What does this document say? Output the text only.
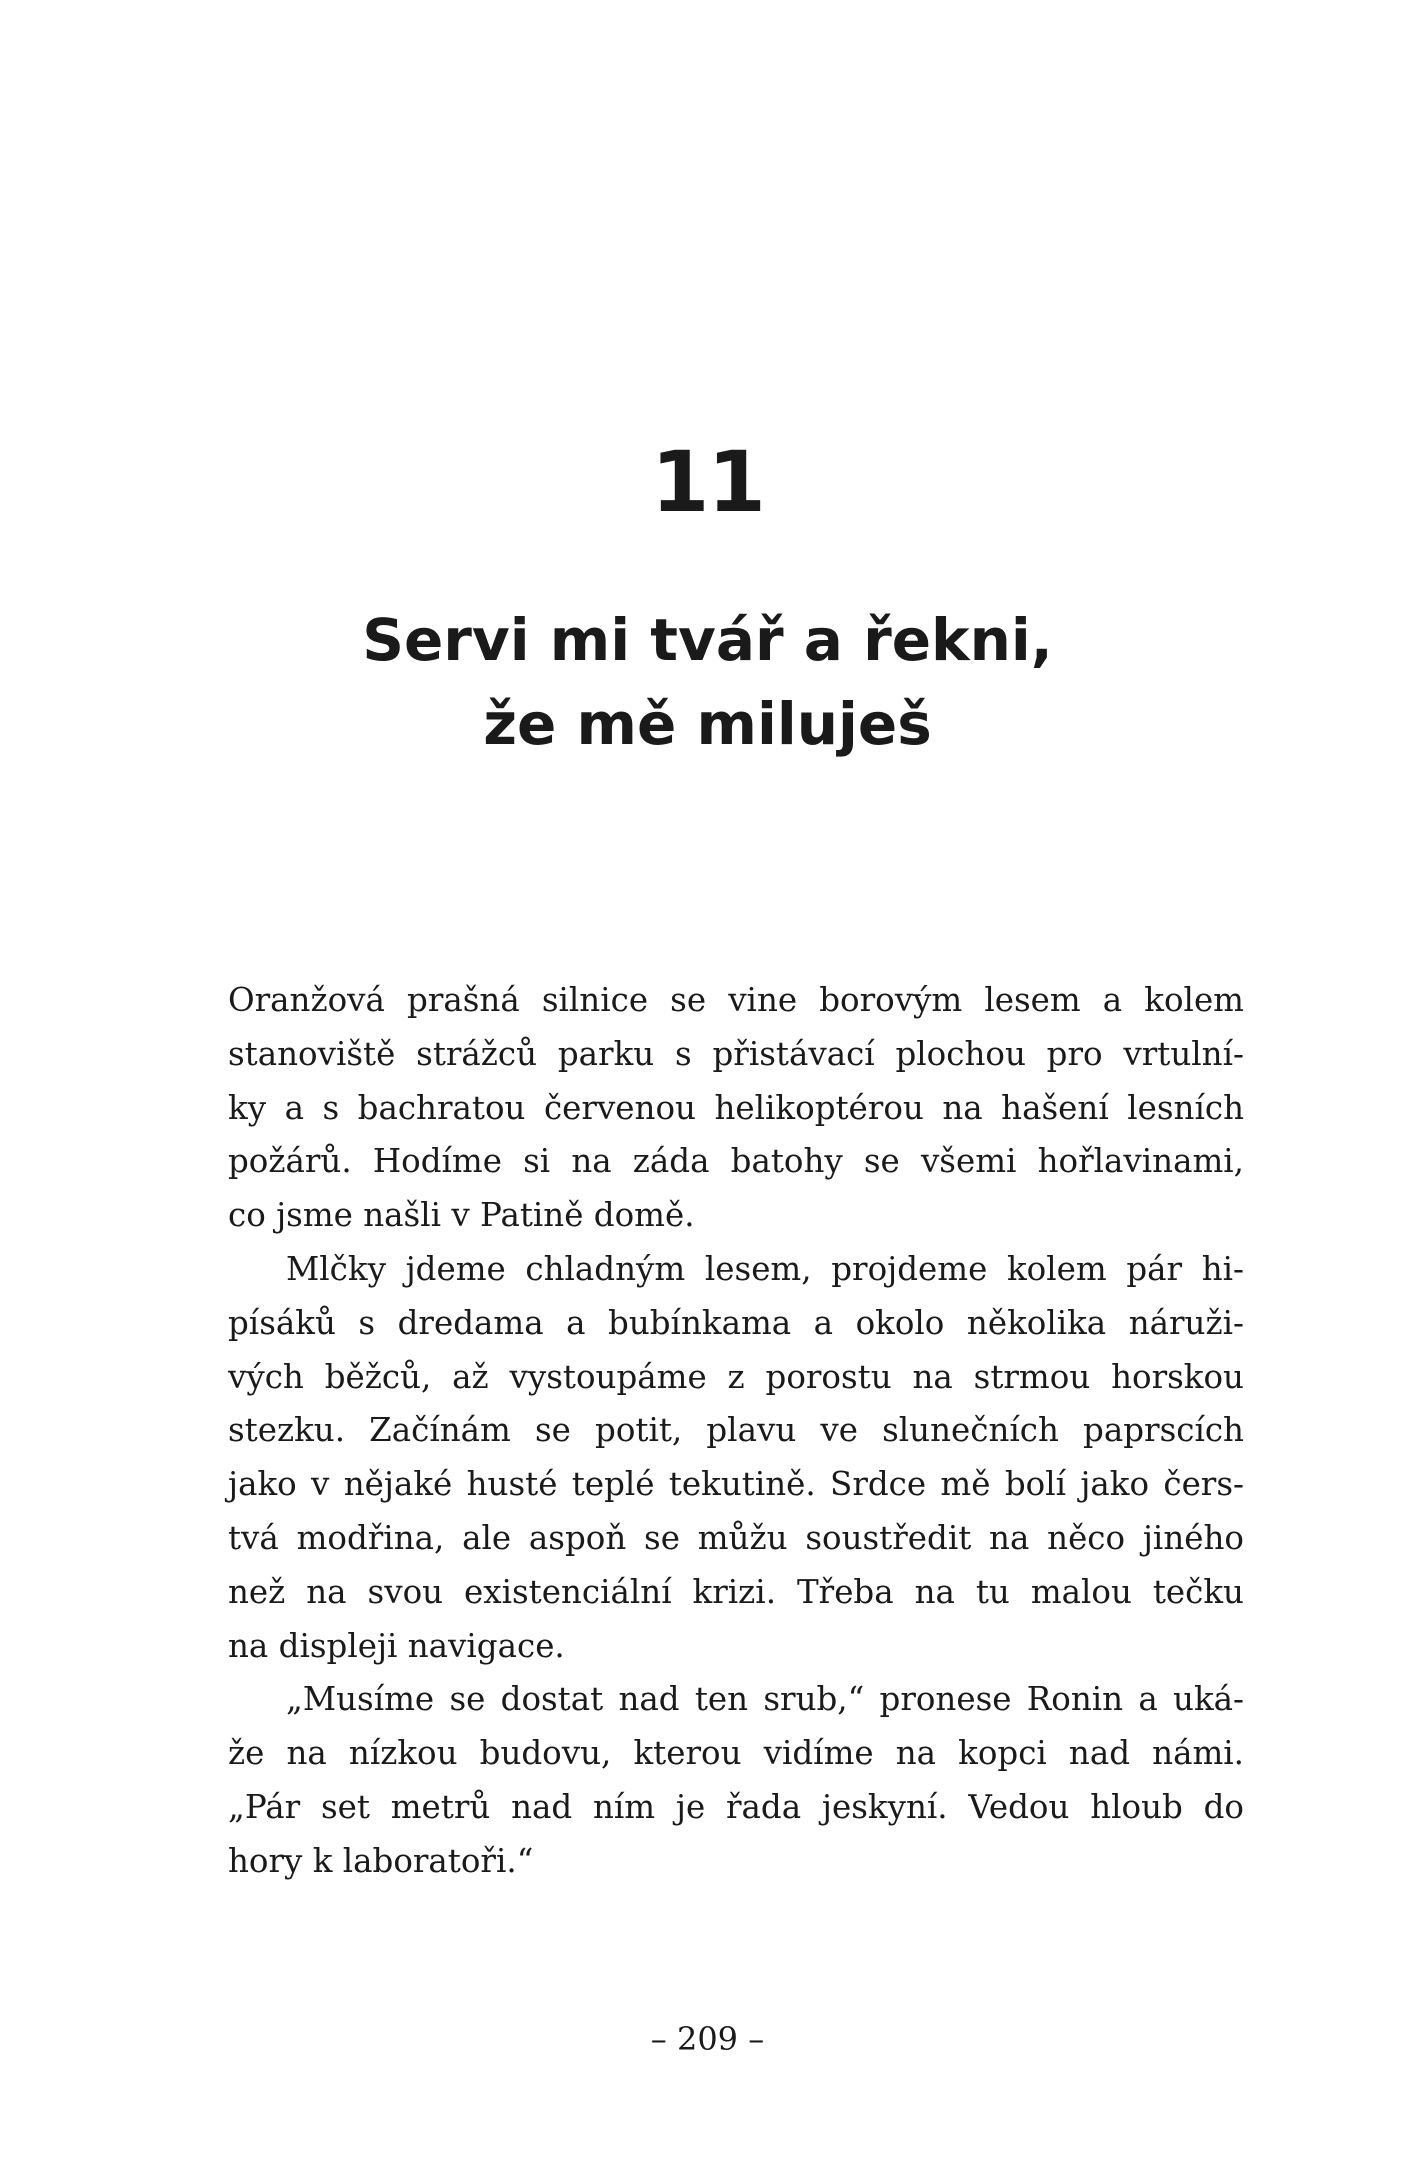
11
Servi mi tvář a řekni,
že mě miluješ
Oranžová prašná silnice se vine borovým lesem a kolem
stanoviště strážců parku s přistávací plochou pro vrtulní-
ky a s bachratou červenou helikoptérou na hašení lesních
požárů. Hodíme si na záda batohy se všemi hořlavinami,
co jsme našli v Patině domě.
Mlčky jdeme chladným lesem, projdeme kolem pár hi-
písáků s dredama a bubínkama a okolo několika náruži-
vých běžců, až vystoupáme z porostu na strmou horskou
stezku. Začínám se potit, plavu ve slunečních paprscích
jako v nějaké husté teplé tekutině. Srdce mě bolí jako čers-
tvá modřina, ale aspoň se můžu soustředit na něco jiného
než na svou existenciální krizi. Třeba na tu malou tečku
na displeji navigace.
„Musíme se dostat nad ten srub,“ pronese Ronin a uká-
že na nízkou budovu, kterou vidíme na kopci nad námi.
„Pár set metrů nad ním je řada jeskyní. Vedou hloub do
hory k laboratoři.“
– 209 –
